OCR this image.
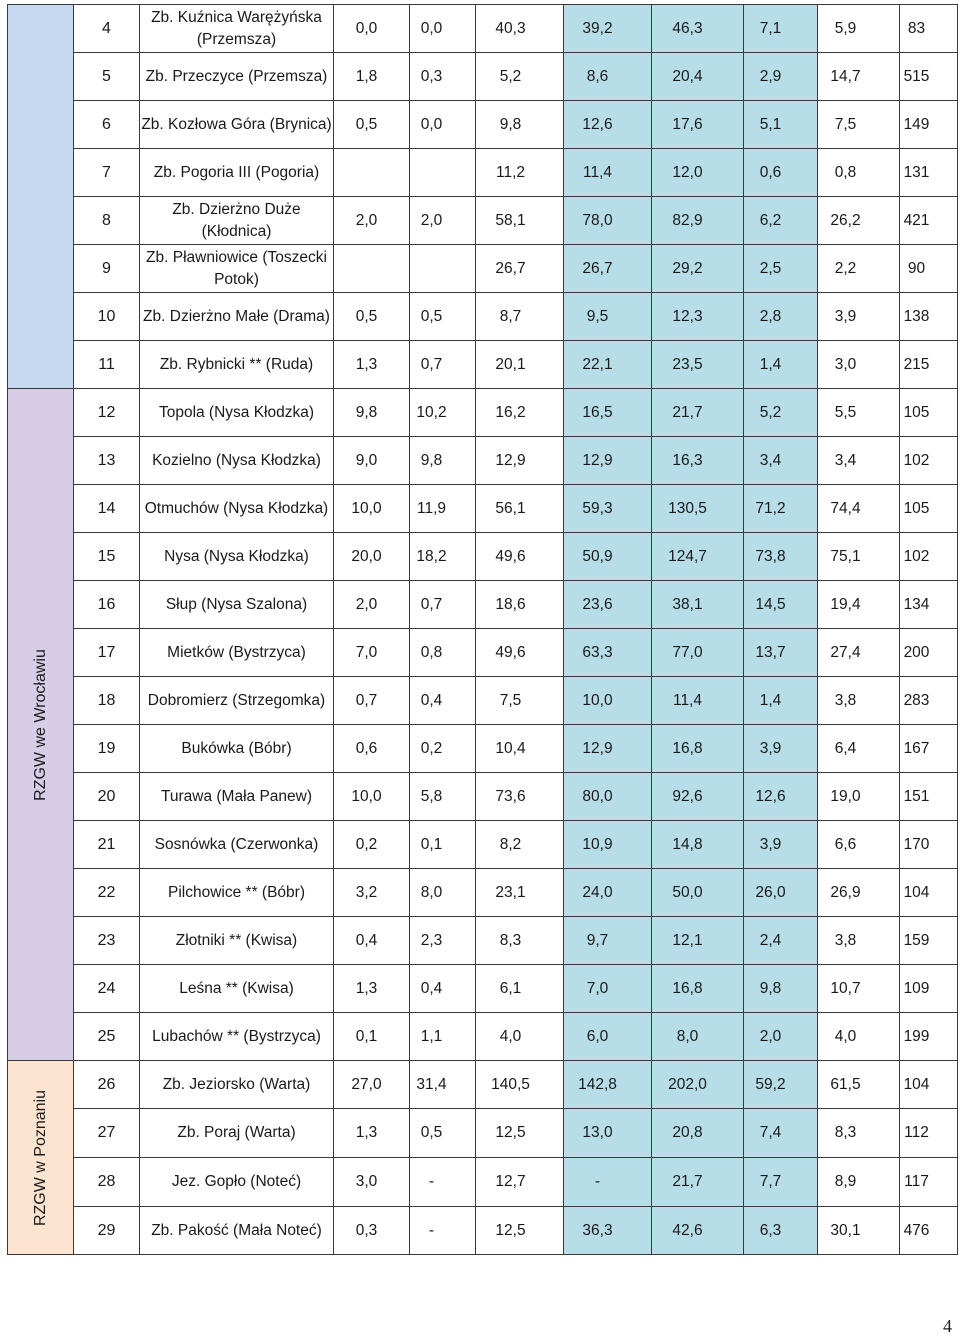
	4	Zb. Kuźnica Warężyńska (Przemsza)	0,0	0,0	40,3	39,2	46,3	7,1	5,9	83
	5	Zb. Przeczyce (Przemsza)	1,8	0,3	5,2	8,6	20,4	2,9	14,7	515
	6	Zb. Kozłowa Góra (Brynica)	0,5	0,0	9,8	12,6	17,6	5,1	7,5	149
	7	Zb. Pogoria III (Pogoria)			11,2	11,4	12,0	0,6	0,8	131
	8	Zb. Dzierżno Duże (Kłodnica)	2,0	2,0	58,1	78,0	82,9	6,2	26,2	421
	9	Zb. Pławniowice (Toszecki Potok)			26,7	26,7	29,2	2,5	2,2	90
	10	Zb. Dzierżno Małe (Drama)	0,5	0,5	8,7	9,5	12,3	2,8	3,9	138
	11	Zb. Rybnicki ** (Ruda)	1,3	0,7	20,1	22,1	23,5	1,4	3,0	215

RZGW we Wrocławiu	12	Topola (Nysa Kłodzka)	9,8	10,2	16,2	16,5	21,7	5,2	5,5	105
	13	Kozielno (Nysa Kłodzka)	9,0	9,8	12,9	12,9	16,3	3,4	3,4	102
	14	Otmuchów (Nysa Kłodzka)	10,0	11,9	56,1	59,3	130,5	71,2	74,4	105
	15	Nysa (Nysa Kłodzka)	20,0	18,2	49,6	50,9	124,7	73,8	75,1	102
	16	Słup (Nysa Szalona)	2,0	0,7	18,6	23,6	38,1	14,5	19,4	134
	17	Mietków (Bystrzyca)	7,0	0,8	49,6	63,3	77,0	13,7	27,4	200
	18	Dobromierz (Strzegomka)	0,7	0,4	7,5	10,0	11,4	1,4	3,8	283
	19	Bukówka (Bóbr)	0,6	0,2	10,4	12,9	16,8	3,9	6,4	167
	20	Turawa (Mała Panew)	10,0	5,8	73,6	80,0	92,6	12,6	19,0	151
	21	Sosnówka (Czerwonka)	0,2	0,1	8,2	10,9	14,8	3,9	6,6	170
	22	Pilchowice ** (Bóbr)	3,2	8,0	23,1	24,0	50,0	26,0	26,9	104
	23	Złotniki ** (Kwisa)	0,4	2,3	8,3	9,7	12,1	2,4	3,8	159
	24	Leśna ** (Kwisa)	1,3	0,4	6,1	7,0	16,8	9,8	10,7	109
	25	Lubachów ** (Bystrzyca)	0,1	1,1	4,0	6,0	8,0	2,0	4,0	199

RZGW w Poznaniu	26	Zb. Jeziorsko (Warta)	27,0	31,4	140,5	142,8	202,0	59,2	61,5	104
	27	Zb. Poraj (Warta)	1,3	0,5	12,5	13,0	20,8	7,4	8,3	112
	28	Jez. Gopło (Noteć)	3,0	-	12,7	-	21,7	7,7	8,9	117
	29	Zb. Pakość (Mała Noteć)	0,3	-	12,5	36,3	42,6	6,3	30,1	476
4
